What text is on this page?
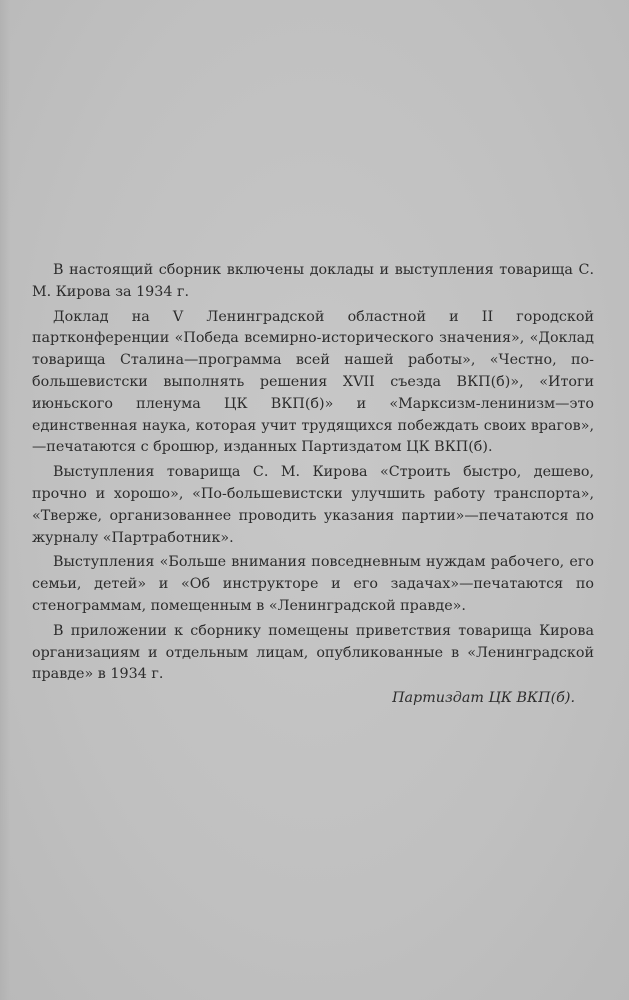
В настоящий сборник включены доклады и выступления товарища С. М. Кирова за 1934 г.

Доклад на V Ленинградской областной и II городской партконференции «Победа всемирно-исторического значения», «Доклад товарища Сталина—программа всей нашей работы», «Честно, по-большевистски выполнять решения XVII съезда ВКП(б)», «Итоги июньского пленума ЦК ВКП(б)» и «Марксизм-ленинизм—это единственная наука, которая учит трудящихся побеждать своих врагов»,—печатаются с брошюр, изданных Партиздатом ЦК ВКП(б).

Выступления товарища С. М. Кирова «Строить быстро, дешево, прочно и хорошо», «По-большевистски улучшить работу транспорта», «Тверже, организованнее проводить указания партии»—печатаются по журналу «Партработник».

Выступления «Больше внимания повседневным нуждам рабочего, его семьи, детей» и «Об инструкторе и его задачах»—печатаются по стенограммам, помещенным в «Ленинградской правде».

В приложении к сборнику помещены приветствия товарища Кирова организациям и отдельным лицам, опубликованные в «Ленинградской правде» в 1934 г.

Партиздат ЦК ВКП(б).
